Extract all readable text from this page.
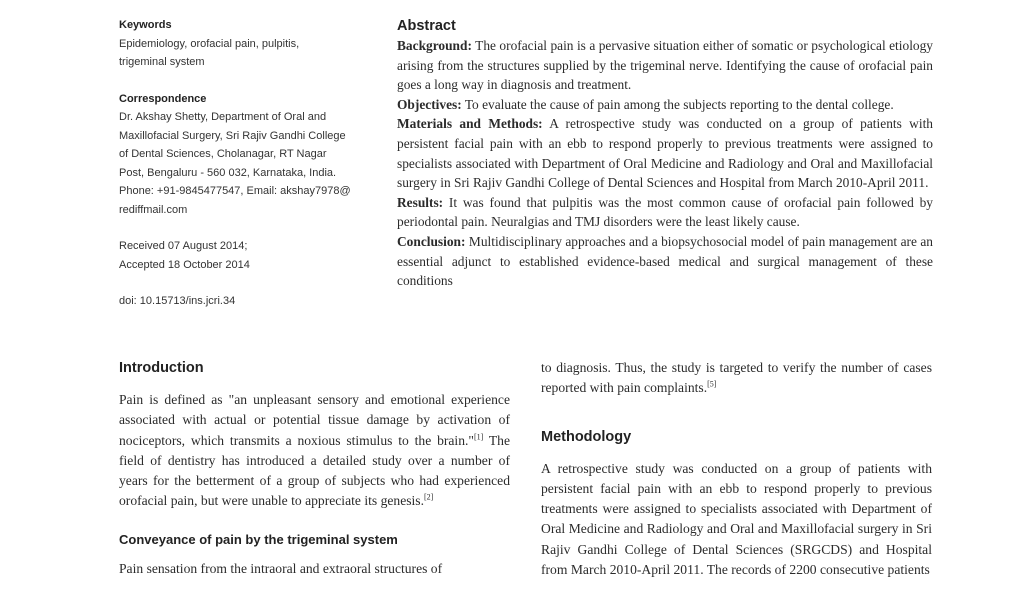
Keywords
Epidemiology, orofacial pain, pulpitis,
trigeminal system
Correspondence
Dr. Akshay Shetty, Department of Oral and
Maxillofacial Surgery, Sri Rajiv Gandhi College
of Dental Sciences, Cholanagar, RT Nagar
Post, Bengaluru - 560 032, Karnataka, India.
Phone: +91-9845477547, Email: akshay7978@
rediffmail.com
Received 07 August 2014;
Accepted 18 October 2014
doi: 10.15713/ins.jcri.34
Abstract

Background: The orofacial pain is a pervasive situation either of somatic or psychological etiology arising from the structures supplied by the trigeminal nerve. Identifying the cause of orofacial pain goes a long way in diagnosis and treatment.

Objectives: To evaluate the cause of pain among the subjects reporting to the dental college.

Materials and Methods: A retrospective study was conducted on a group of patients with persistent facial pain with an ebb to respond properly to previous treatments were assigned to specialists associated with Department of Oral Medicine and Radiology and Oral and Maxillofacial surgery in Sri Rajiv Gandhi College of Dental Sciences and Hospital from March 2010-April 2011.

Results: It was found that pulpitis was the most common cause of orofacial pain followed by periodontal pain. Neuralgias and TMJ disorders were the least likely cause.

Conclusion: Multidisciplinary approaches and a biopsychosocial model of pain management are an essential adjunct to established evidence-based medical and surgical management of these conditions

Introduction

Pain is defined as "an unpleasant sensory and emotional experience associated with actual or potential tissue damage by activation of nociceptors, which transmits a noxious stimulus to the brain."[1] The field of dentistry has introduced a detailed study over a number of years for the betterment of a group of subjects who had experienced orofacial pain, but were unable to appreciate its genesis.[2]

Conveyance of pain by the trigeminal system

Pain sensation from the intraoral and extraoral structures of

to diagnosis. Thus, the study is targeted to verify the number of cases reported with pain complaints.[5]

Methodology

A retrospective study was conducted on a group of patients with persistent facial pain with an ebb to respond properly to previous treatments were assigned to specialists associated with Department of Oral Medicine and Radiology and Oral and Maxillofacial surgery in Sri Rajiv Gandhi College of Dental Sciences (SRGCDS) and Hospital from March 2010-April 2011. The records of 2200 consecutive patients
